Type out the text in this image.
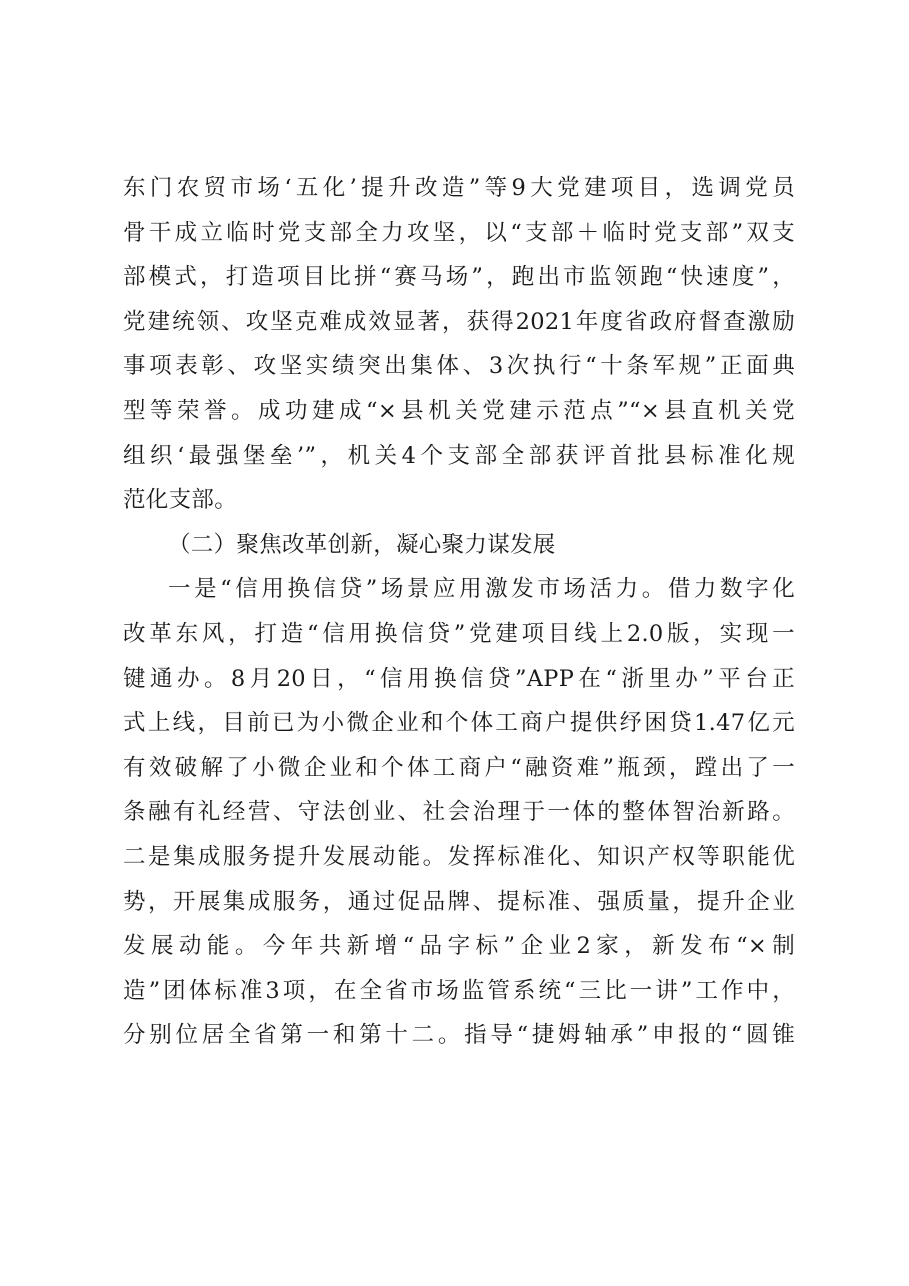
东门农贸市场‘五化’提升改造”等9大党建项目，选调党员
骨干成立临时党支部全力攻坚，以“支部＋临时党支部”双支
部模式，打造项目比拼“赛马场”，跑出市监领跑“快速度”，
党建统领、攻坚克难成效显著，获得2021年度省政府督查激励
事项表彰、攻坚实绩突出集体、3次执行“十条军规”正面典
型等荣誉。成功建成“×县机关党建示范点”“×县直机关党
组织‘最强堡垒’”，机关4个支部全部获评首批县标准化规
范化支部。
（二）聚焦改革创新，凝心聚力谋发展
一是“信用换信贷”场景应用激发市场活力。借力数字化
改革东风，打造“信用换信贷”党建项目线上2.0版，实现一
键通办。8月20日，“信用换信贷”APP在“浙里办”平台正
式上线，目前已为小微企业和个体工商户提供纾困贷1.47亿元
有效破解了小微企业和个体工商户“融资难”瓶颈，蹚出了一
条融有礼经营、守法创业、社会治理于一体的整体智治新路。
二是集成服务提升发展动能。发挥标准化、知识产权等职能优
势，开展集成服务，通过促品牌、提标准、强质量，提升企业
发展动能。今年共新增“品字标”企业2家，新发布“×制
造”团体标准3项，在全省市场监管系统“三比一讲”工作中，
分别位居全省第一和第十二。指导“捷姆轴承”申报的“圆锥
